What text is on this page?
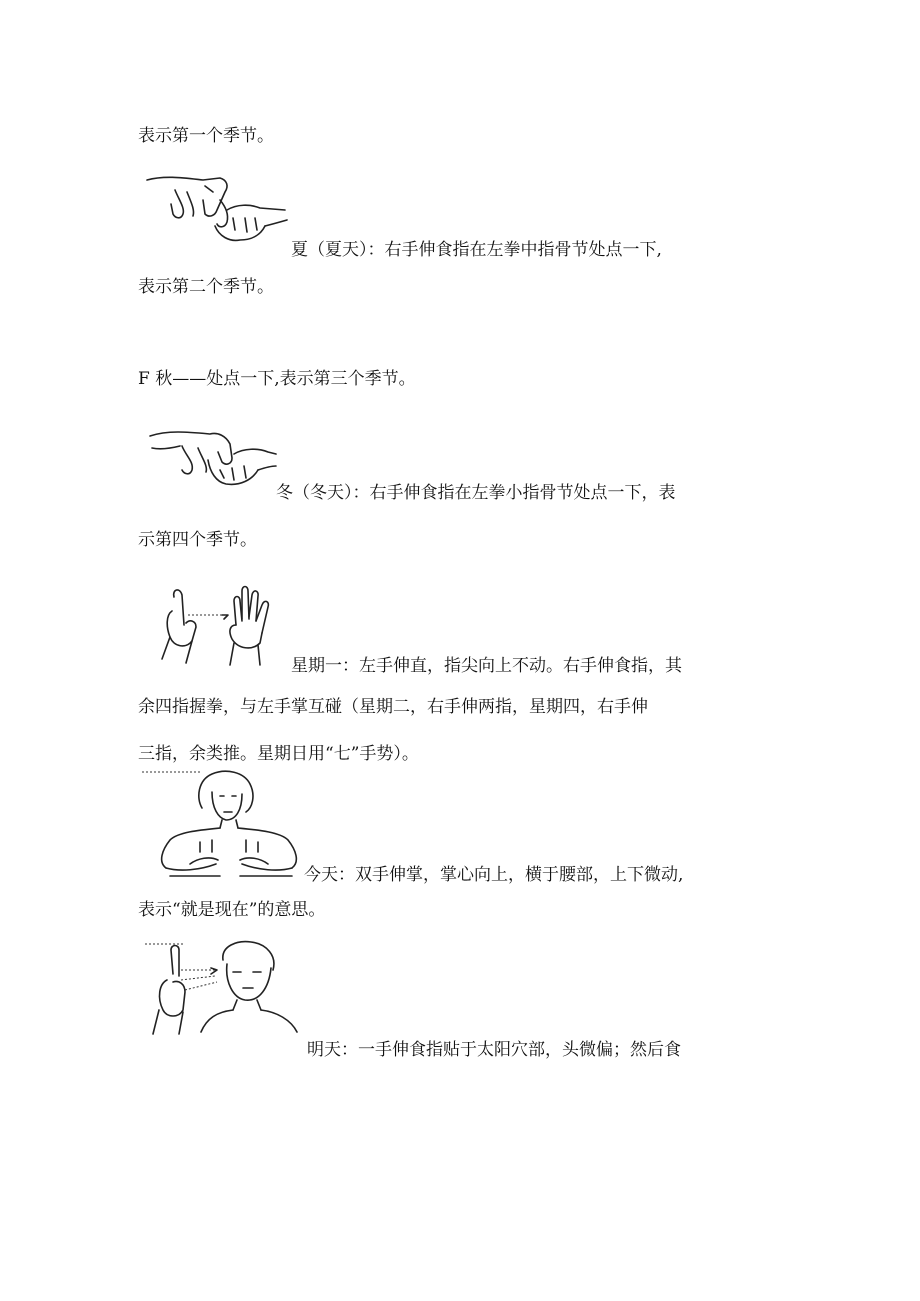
表示第一个季节。
夏（夏天）：右手伸食指在左拳中指骨节处点一下,
表示第二个季节。
F 秋——处点一下,表示第三个季节。
冬（冬天）：右手伸食指在左拳小指骨节处点一下，表
示第四个季节。
星期一：左手伸直，指尖向上不动。右手伸食指，其
余四指握拳，与左手掌互碰（星期二，右手伸两指，星期四，右手伸
三指，余类推。星期日用“七”手势）。
今天：双手伸掌，掌心向上，横于腰部，上下微动,
表示“就是现在”的意思。
明天：一手伸食指贴于太阳穴部，头微偏；然后食
